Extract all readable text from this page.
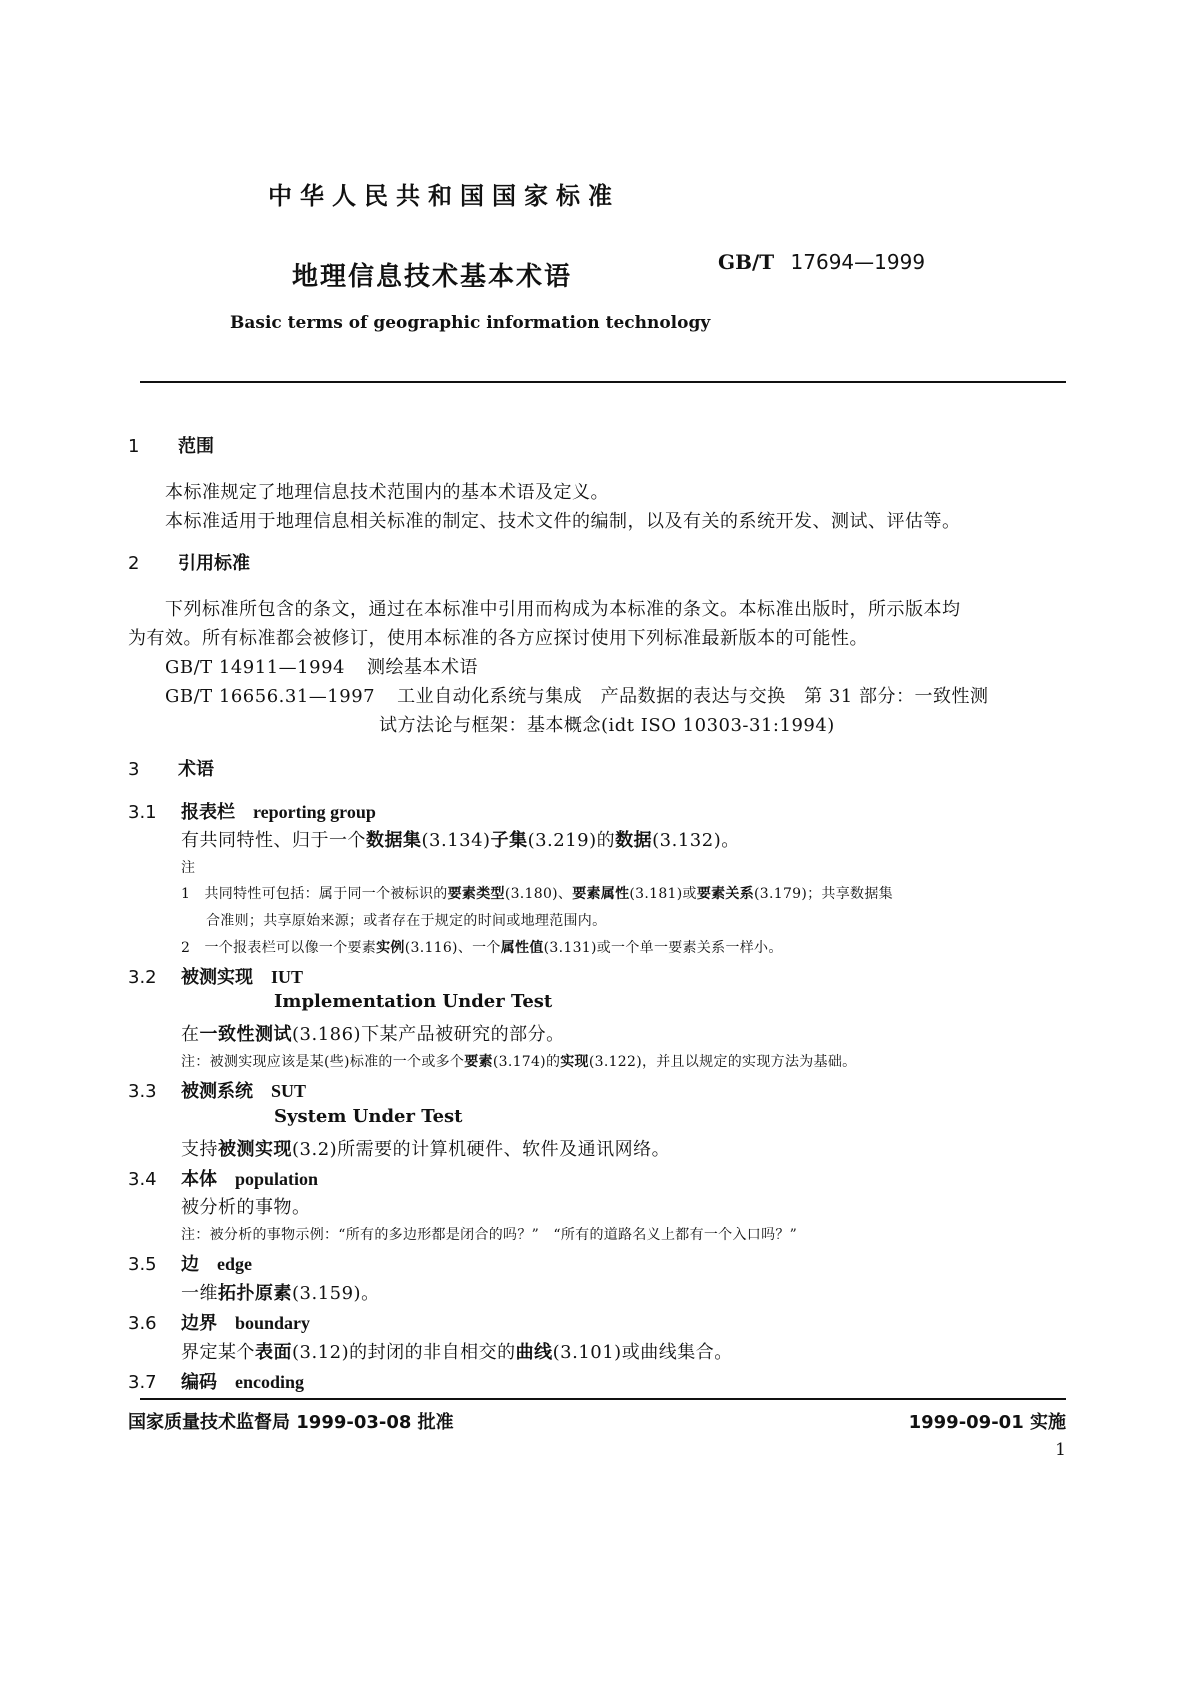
中华人民共和国国家标准
地理信息技术基本术语	GB/T 17694—1999
Basic terms of geographic information technology
1 范围
本标准规定了地理信息技术范围内的基本术语及定义。
本标准适用于地理信息相关标准的制定、技术文件的编制，以及有关的系统开发、测试、评估等。
2 引用标准
下列标准所包含的条文，通过在本标准中引用而构成为本标准的条文。本标准出版时，所示版本均
为有效。所有标准都会被修订，使用本标准的各方应探讨使用下列标准最新版本的可能性。
GB/T 14911—1994 测绘基本术语
GB/T 16656.31—1997 工业自动化系统与集成　产品数据的表达与交换　第 31 部分：一致性测
试方法论与框架：基本概念(idt ISO 10303-31:1994)
3 术语
3.1 报表栏 reporting group
有共同特性、归于一个数据集(3.134)子集(3.219)的数据(3.132)。
注
1　共同特性可包括：属于同一个被标识的要素类型(3.180)、要素属性(3.181)或要素关系(3.179)；共享数据集
合准则；共享原始来源；或者存在于规定的时间或地理范围内。
2　一个报表栏可以像一个要素实例(3.116)、一个属性值(3.131)或一个单一要素关系一样小。
3.2 被测实现 IUT
Implementation Under Test
在一致性测试(3.186)下某产品被研究的部分。
注：被测实现应该是某(些)标准的一个或多个要素(3.174)的实现(3.122)，并且以规定的实现方法为基础。
3.3 被测系统 SUT
System Under Test
支持被测实现(3.2)所需要的计算机硬件、软件及通讯网络。
3.4 本体 population
被分析的事物。
注：被分析的事物示例：“所有的多边形都是闭合的吗？”　“所有的道路名义上都有一个入口吗？”
3.5 边 edge
一维拓扑原素(3.159)。
3.6 边界 boundary
界定某个表面(3.12)的封闭的非自相交的曲线(3.101)或曲线集合。
3.7 编码 encoding
国家质量技术监督局 1999-03-08 批准	1999-09-01 实施
1
